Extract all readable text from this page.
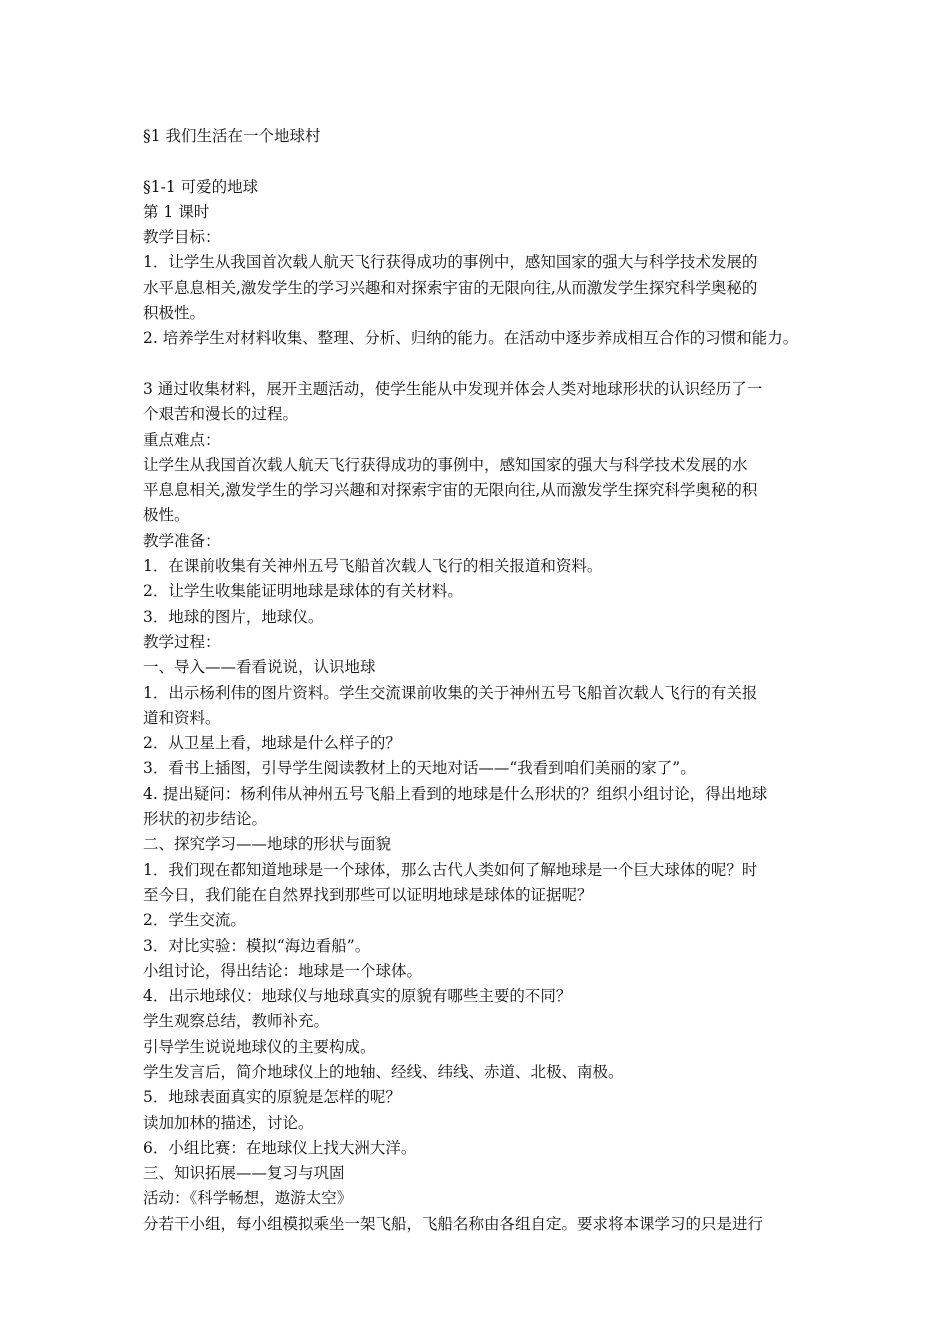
§1 我们生活在一个地球村
§1-1 可爱的地球
第 1 课时
教学目标：
1．让学生从我国首次载人航天飞行获得成功的事例中，感知国家的强大与科学技术发展的
水平息息相关,激发学生的学习兴趣和对探索宇宙的无限向往,从而激发学生探究科学奥秘的
积极性。
2. 培养学生对材料收集、整理、分析、归纳的能力。在活动中逐步养成相互合作的习惯和能力。
3 通过收集材料，展开主题活动，使学生能从中发现并体会人类对地球形状的认识经历了一
个艰苦和漫长的过程。
重点难点：
让学生从我国首次载人航天飞行获得成功的事例中，感知国家的强大与科学技术发展的水
平息息相关,激发学生的学习兴趣和对探索宇宙的无限向往,从而激发学生探究科学奥秘的积
极性。
教学准备：
1．在课前收集有关神州五号飞船首次载人飞行的相关报道和资料。
2．让学生收集能证明地球是球体的有关材料。
3．地球的图片，地球仪。
教学过程：
一、导入——看看说说，认识地球
1．出示杨利伟的图片资料。学生交流课前收集的关于神州五号飞船首次载人飞行的有关报
道和资料。
2．从卫星上看，地球是什么样子的？
3．看书上插图，引导学生阅读教材上的天地对话——“我看到咱们美丽的家了”。
4. 提出疑问：杨利伟从神州五号飞船上看到的地球是什么形状的？组织小组讨论，得出地球
形状的初步结论。
二、探究学习——地球的形状与面貌
1．我们现在都知道地球是一个球体，那么古代人类如何了解地球是一个巨大球体的呢？时
至今日，我们能在自然界找到那些可以证明地球是球体的证据呢？
2．学生交流。
3．对比实验：模拟“海边看船”。
小组讨论，得出结论：地球是一个球体。
4．出示地球仪：地球仪与地球真实的原貌有哪些主要的不同？
学生观察总结，教师补充。
引导学生说说地球仪的主要构成。
学生发言后，简介地球仪上的地轴、经线、纬线、赤道、北极、南极。
5．地球表面真实的原貌是怎样的呢？
读加加林的描述，讨论。
6．小组比赛：在地球仪上找大洲大洋。
三、知识拓展——复习与巩固
活动：《科学畅想，遨游太空》
分若干小组，每小组模拟乘坐一架飞船，飞船名称由各组自定。要求将本课学习的只是进行
